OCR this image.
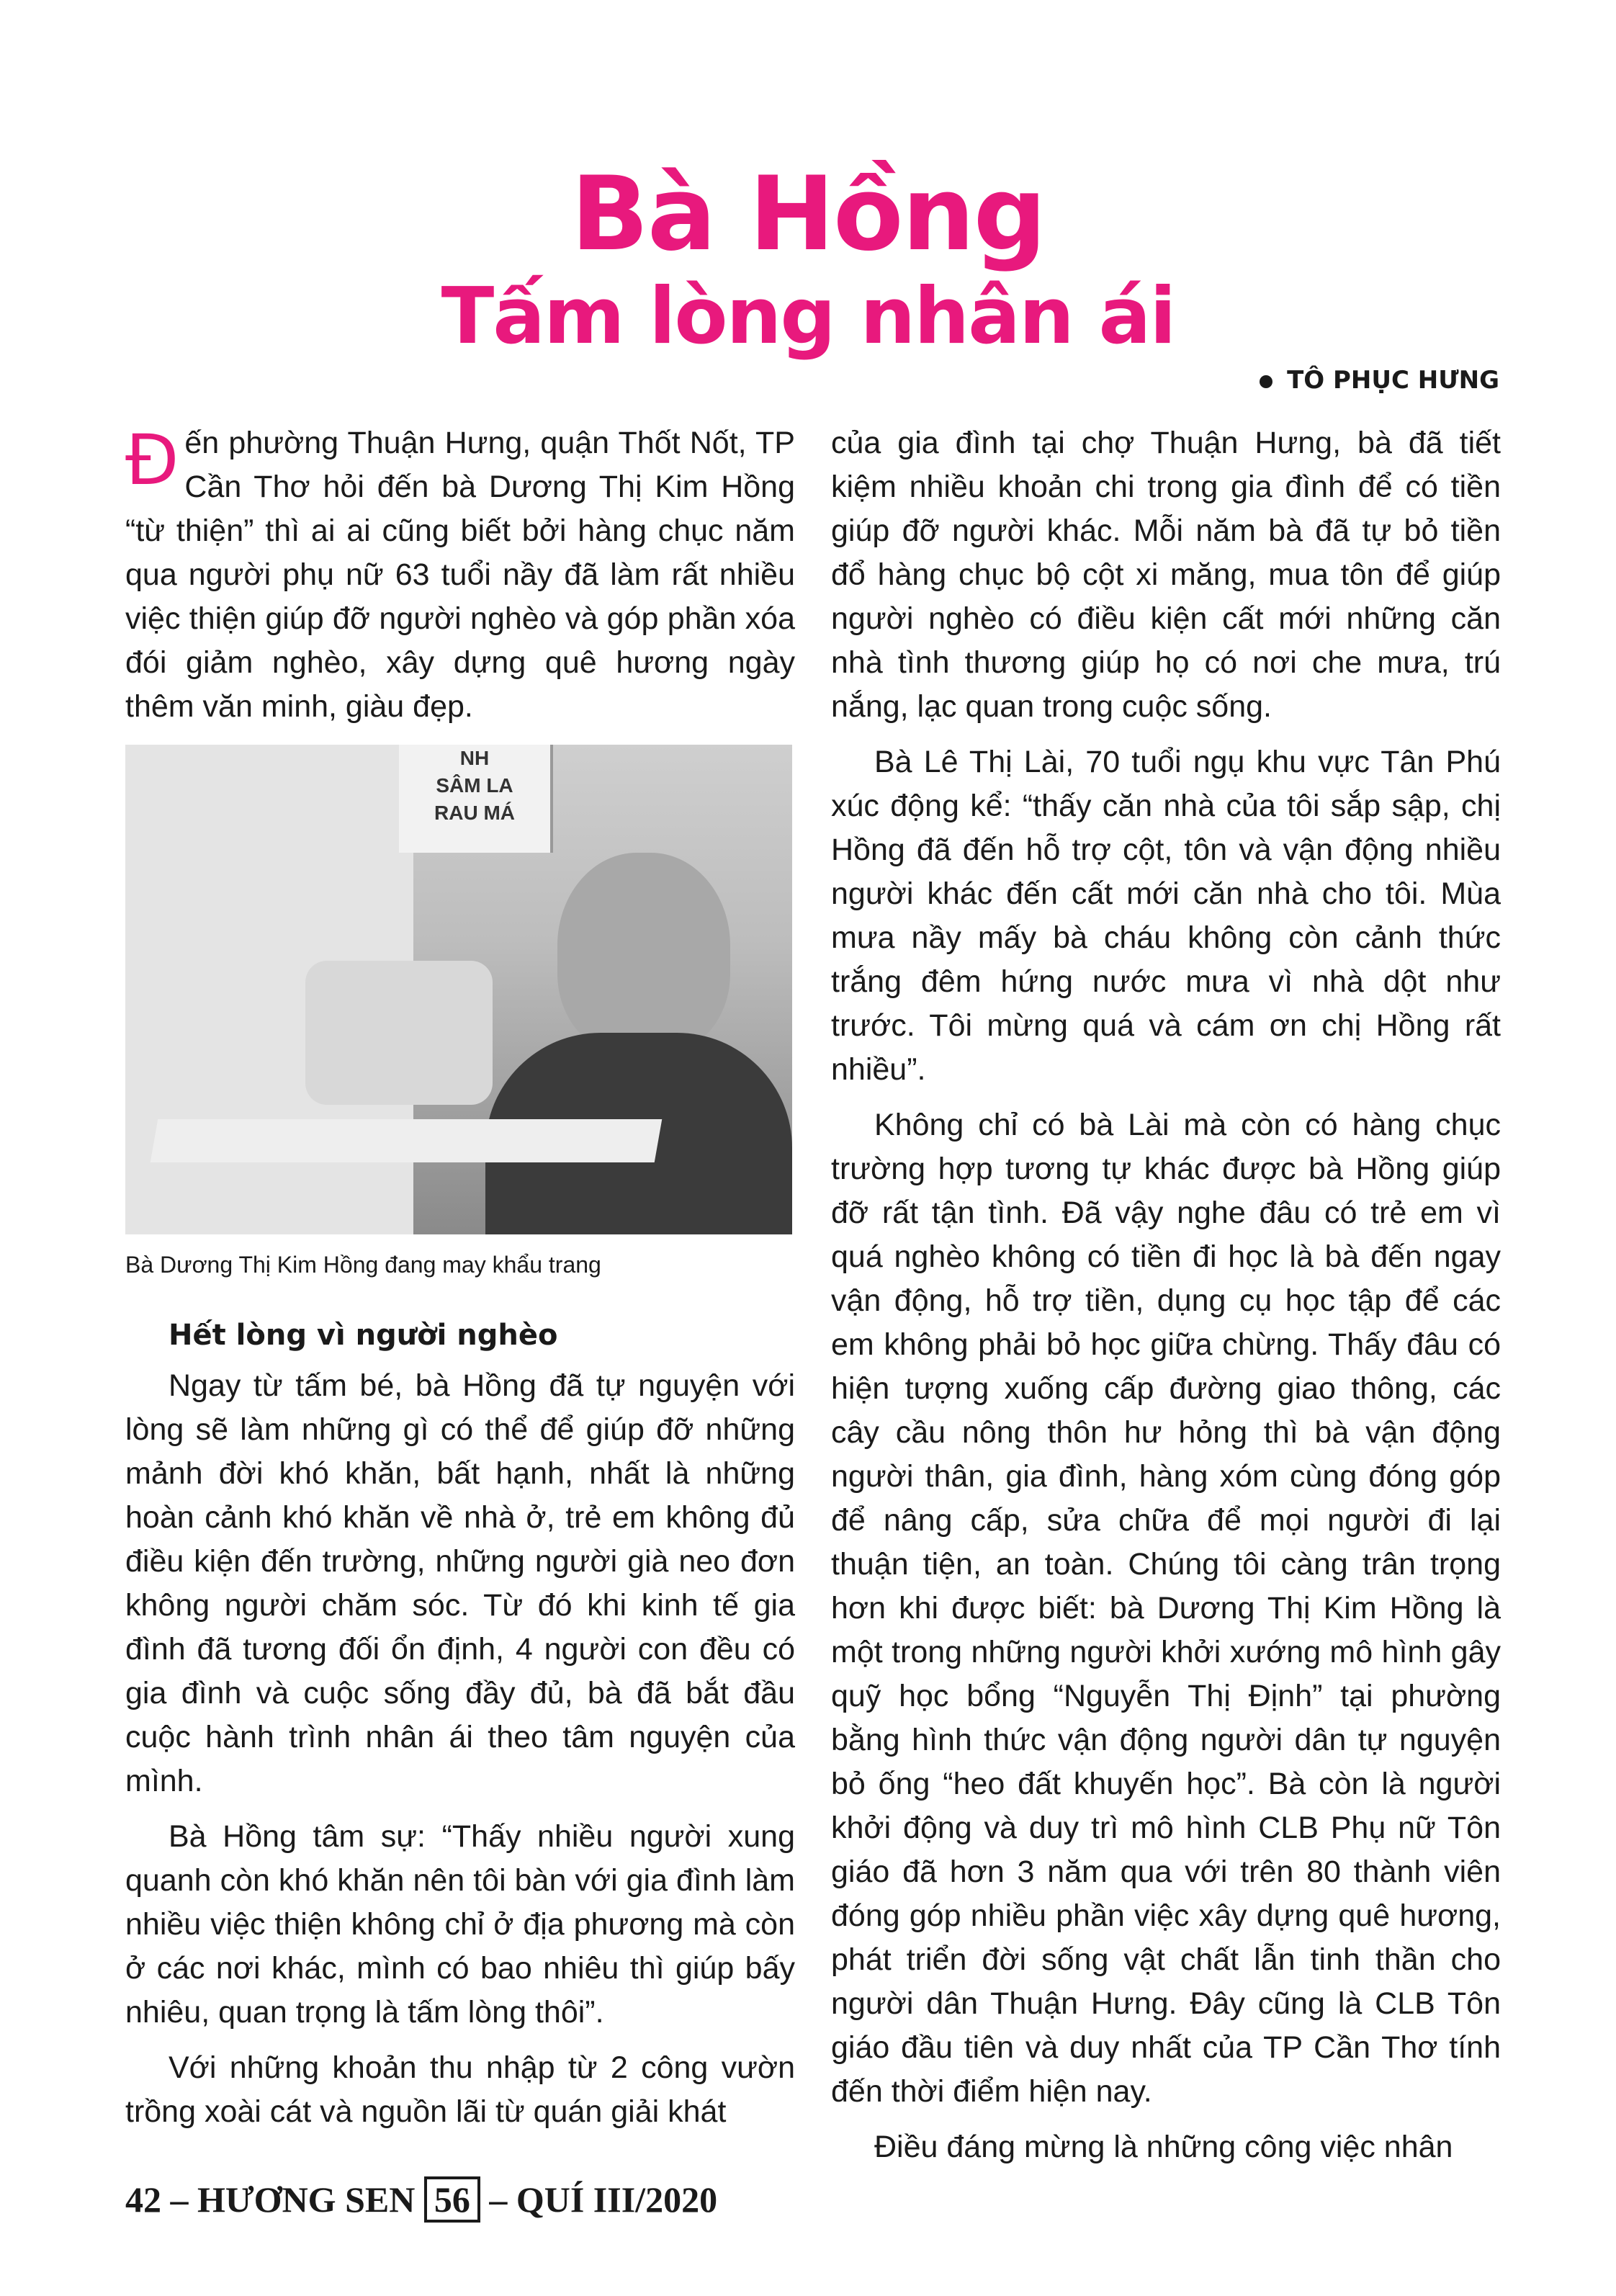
Bà Hồng
Tấm lòng nhân ái
TÔ PHỤC HƯNG

Đến phường Thuận Hưng, quận Thốt Nốt, TP Cần Thơ hỏi đến bà Dương Thị Kim Hồng “từ thiện” thì ai ai cũng biết bởi hàng chục năm qua người phụ nữ 63 tuổi nầy đã làm rất nhiều việc thiện giúp đỡ người nghèo và góp phần xóa đói giảm nghèo, xây dựng quê hương ngày thêm văn minh, giàu đẹp.

NH
SÂM LA
RAU MÁ
Bà Dương Thị Kim Hồng đang may khẩu trang
Hết lòng vì người nghèo

Ngay từ tấm bé, bà Hồng đã tự nguyện với lòng sẽ làm những gì có thể để giúp đỡ những mảnh đời khó khăn, bất hạnh, nhất là những hoàn cảnh khó khăn về nhà ở, trẻ em không đủ điều kiện đến trường, những người già neo đơn không người chăm sóc. Từ đó khi kinh tế gia đình đã tương đối ổn định, 4 người con đều có gia đình và cuộc sống đầy đủ, bà đã bắt đầu cuộc hành trình nhân ái theo tâm nguyện của mình.

Bà Hồng tâm sự: “Thấy nhiều người xung quanh còn khó khăn nên tôi bàn với gia đình làm nhiều việc thiện không chỉ ở địa phương mà còn ở các nơi khác, mình có bao nhiêu thì giúp bấy nhiêu, quan trọng là tấm lòng thôi”.

Với những khoản thu nhập từ 2 công vườn trồng xoài cát và nguồn lãi từ quán giải khát

của gia đình tại chợ Thuận Hưng, bà đã tiết kiệm nhiều khoản chi trong gia đình để có tiền giúp đỡ người khác. Mỗi năm bà đã tự bỏ tiền đổ hàng chục bộ cột xi măng, mua tôn để giúp người nghèo có điều kiện cất mới những căn nhà tình thương giúp họ có nơi che mưa, trú nắng, lạc quan trong cuộc sống.

Bà Lê Thị Lài, 70 tuổi ngụ khu vực Tân Phú xúc động kể: “thấy căn nhà của tôi sắp sập, chị Hồng đã đến hỗ trợ cột, tôn và vận động nhiều người khác đến cất mới căn nhà cho tôi. Mùa mưa nầy mấy bà cháu không còn cảnh thức trắng đêm hứng nước mưa vì nhà dột như trước. Tôi mừng quá và cám ơn chị Hồng rất nhiều”.

Không chỉ có bà Lài mà còn có hàng chục trường hợp tương tự khác được bà Hồng giúp đỡ rất tận tình. Đã vậy nghe đâu có trẻ em vì quá nghèo không có tiền đi học là bà đến ngay vận động, hỗ trợ tiền, dụng cụ học tập để các em không phải bỏ học giữa chừng. Thấy đâu có hiện tượng xuống cấp đường giao thông, các cây cầu nông thôn hư hỏng thì bà vận động người thân, gia đình, hàng xóm cùng đóng góp để nâng cấp, sửa chữa để mọi người đi lại thuận tiện, an toàn. Chúng tôi càng trân trọng hơn khi được biết: bà Dương Thị Kim Hồng là một trong những người khởi xướng mô hình gây quỹ học bổng “Nguyễn Thị Định” tại phường bằng hình thức vận động người dân tự nguyện bỏ ống “heo đất khuyến học”. Bà còn là người khởi động và duy trì mô hình CLB Phụ nữ Tôn giáo đã hơn 3 năm qua với trên 80 thành viên đóng góp nhiều phần việc xây dựng quê hương, phát triển đời sống vật chất lẫn tinh thần cho người dân Thuận Hưng. Đây cũng là CLB Tôn giáo đầu tiên và duy nhất của TP Cần Thơ tính đến thời điểm hiện nay.

Điều đáng mừng là những công việc nhân

42 – HƯƠNG SEN 56 – QUÍ III/2020
